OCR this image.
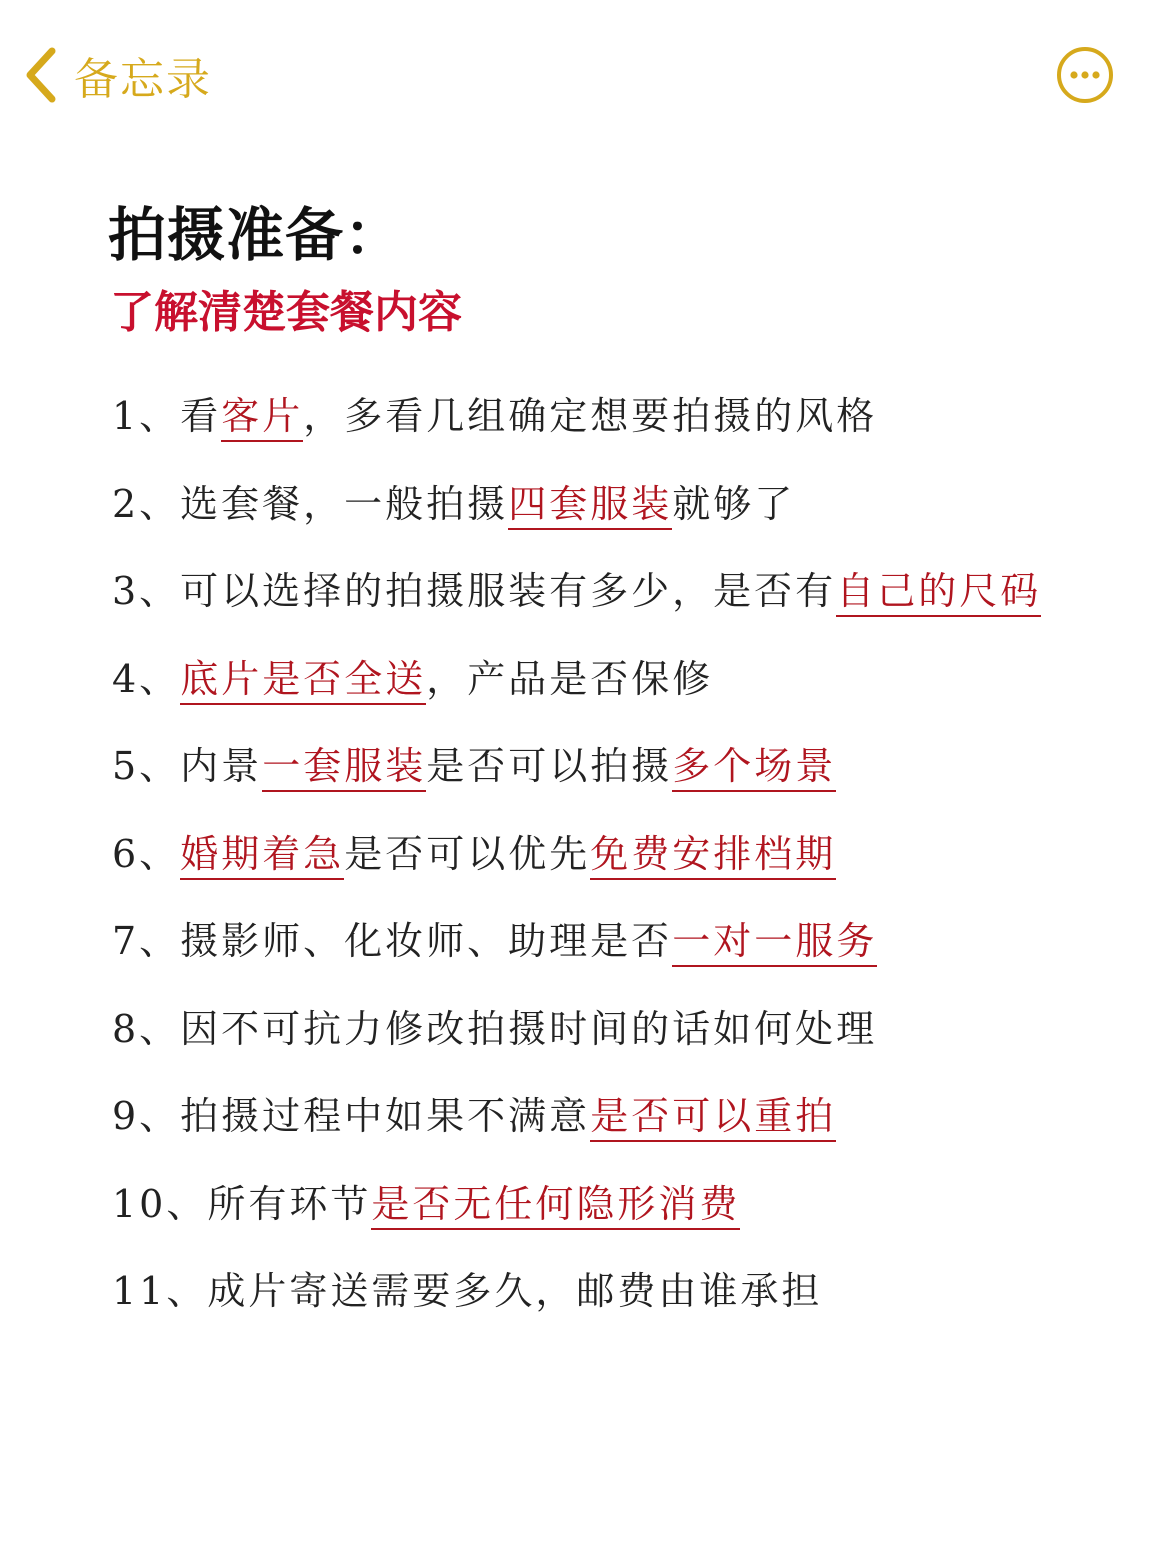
备忘录
拍摄准备：
了解清楚套餐内容
1、看客片，多看几组确定想要拍摄的风格
2、选套餐，一般拍摄四套服装就够了
3、可以选择的拍摄服装有多少，是否有自己的尺码
4、底片是否全送，产品是否保修
5、内景一套服装是否可以拍摄多个场景
6、婚期着急是否可以优先免费安排档期
7、摄影师、化妆师、助理是否一对一服务
8、因不可抗力修改拍摄时间的话如何处理
9、拍摄过程中如果不满意是否可以重拍
10、所有环节是否无任何隐形消费
11、成片寄送需要多久，邮费由谁承担
